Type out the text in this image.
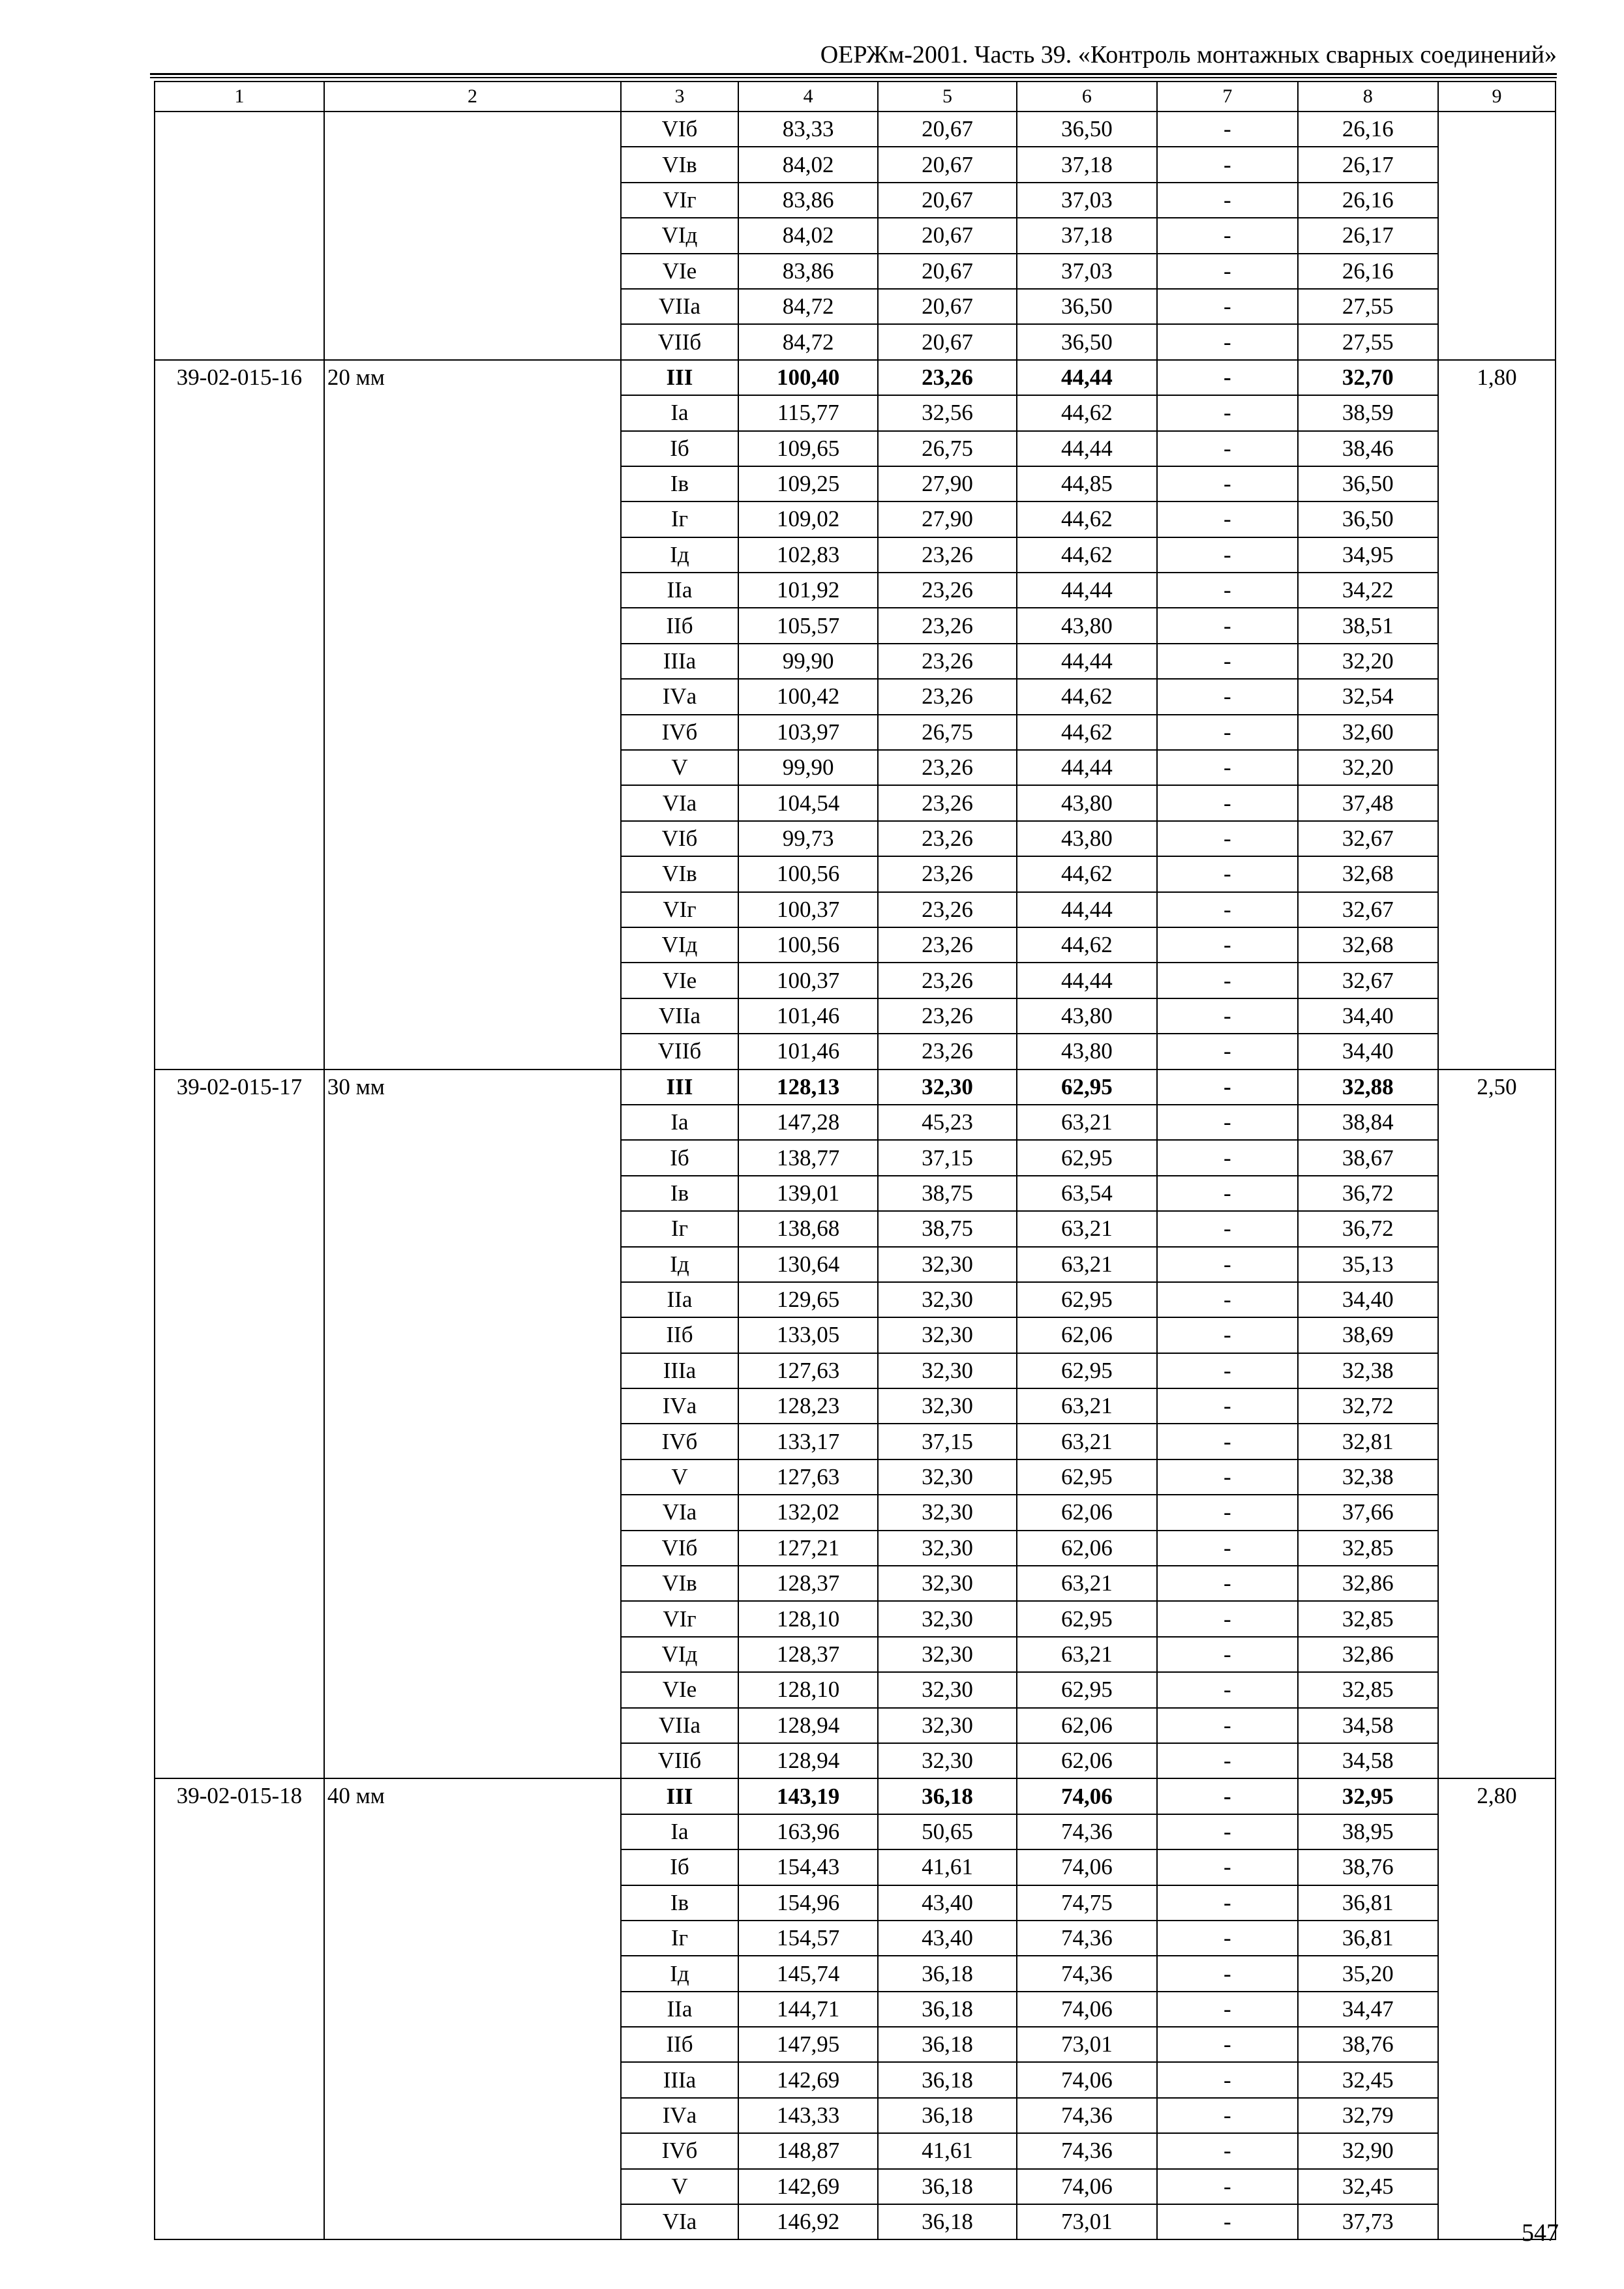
ОЕРЖм-2001. Часть 39. «Контроль монтажных сварных соединений»
1	2	3	4	5	6	7	8	9
		VIб	83,33	20,67	36,50	-	26,16	
		VIв	84,02	20,67	37,18	-	26,17	
		VIг	83,86	20,67	37,03	-	26,16	
		VIд	84,02	20,67	37,18	-	26,17	
		VIе	83,86	20,67	37,03	-	26,16	
		VIIа	84,72	20,67	36,50	-	27,55	
		VIIб	84,72	20,67	36,50	-	27,55	
39-02-015-16	20 мм	III	100,40	23,26	44,44	-	32,70	1,80
		Iа	115,77	32,56	44,62	-	38,59	
		Iб	109,65	26,75	44,44	-	38,46	
		Iв	109,25	27,90	44,85	-	36,50	
		Iг	109,02	27,90	44,62	-	36,50	
		Iд	102,83	23,26	44,62	-	34,95	
		IIа	101,92	23,26	44,44	-	34,22	
		IIб	105,57	23,26	43,80	-	38,51	
		IIIа	99,90	23,26	44,44	-	32,20	
		IVа	100,42	23,26	44,62	-	32,54	
		IVб	103,97	26,75	44,62	-	32,60	
		V	99,90	23,26	44,44	-	32,20	
		VIа	104,54	23,26	43,80	-	37,48	
		VIб	99,73	23,26	43,80	-	32,67	
		VIв	100,56	23,26	44,62	-	32,68	
		VIг	100,37	23,26	44,44	-	32,67	
		VIд	100,56	23,26	44,62	-	32,68	
		VIе	100,37	23,26	44,44	-	32,67	
		VIIа	101,46	23,26	43,80	-	34,40	
		VIIб	101,46	23,26	43,80	-	34,40	
39-02-015-17	30 мм	III	128,13	32,30	62,95	-	32,88	2,50
		Iа	147,28	45,23	63,21	-	38,84	
		Iб	138,77	37,15	62,95	-	38,67	
		Iв	139,01	38,75	63,54	-	36,72	
		Iг	138,68	38,75	63,21	-	36,72	
		Iд	130,64	32,30	63,21	-	35,13	
		IIа	129,65	32,30	62,95	-	34,40	
		IIб	133,05	32,30	62,06	-	38,69	
		IIIа	127,63	32,30	62,95	-	32,38	
		IVа	128,23	32,30	63,21	-	32,72	
		IVб	133,17	37,15	63,21	-	32,81	
		V	127,63	32,30	62,95	-	32,38	
		VIа	132,02	32,30	62,06	-	37,66	
		VIб	127,21	32,30	62,06	-	32,85	
		VIв	128,37	32,30	63,21	-	32,86	
		VIг	128,10	32,30	62,95	-	32,85	
		VIд	128,37	32,30	63,21	-	32,86	
		VIе	128,10	32,30	62,95	-	32,85	
		VIIа	128,94	32,30	62,06	-	34,58	
		VIIб	128,94	32,30	62,06	-	34,58	
39-02-015-18	40 мм	III	143,19	36,18	74,06	-	32,95	2,80
		Iа	163,96	50,65	74,36	-	38,95	
		Iб	154,43	41,61	74,06	-	38,76	
		Iв	154,96	43,40	74,75	-	36,81	
		Iг	154,57	43,40	74,36	-	36,81	
		Iд	145,74	36,18	74,36	-	35,20	
		IIа	144,71	36,18	74,06	-	34,47	
		IIб	147,95	36,18	73,01	-	38,76	
		IIIа	142,69	36,18	74,06	-	32,45	
		IVа	143,33	36,18	74,36	-	32,79	
		IVб	148,87	41,61	74,36	-	32,90	
		V	142,69	36,18	74,06	-	32,45	
		VIа	146,92	36,18	73,01	-	37,73		547
